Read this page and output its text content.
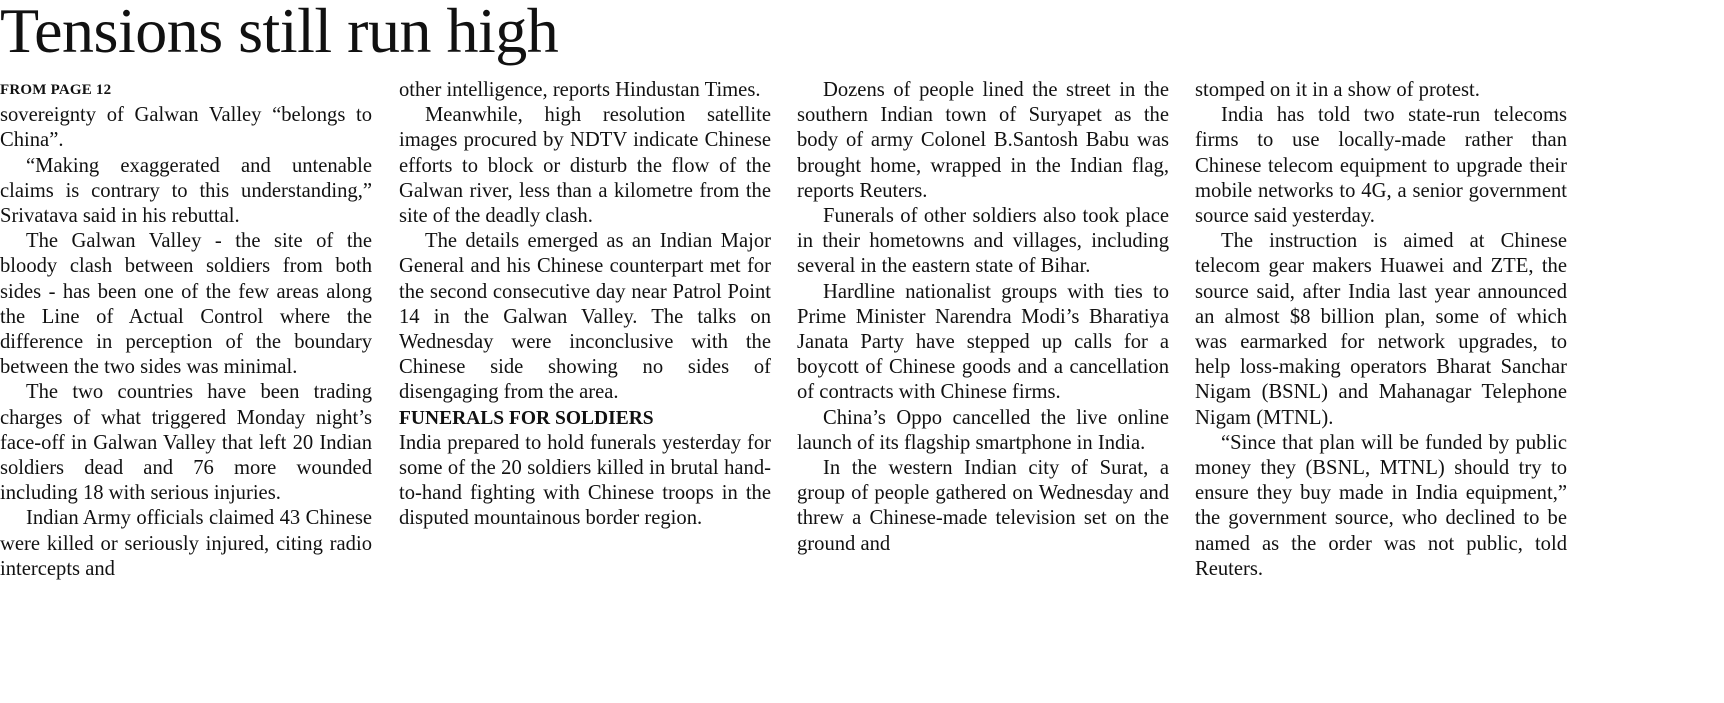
Tensions still run high

FROM PAGE 12

sovereignty of Galwan Valley “belongs to China”.

“Making exaggerated and untenable claims is contrary to this understanding,” Srivatava said in his rebuttal.

The Galwan Valley - the site of the bloody clash between soldiers from both sides - has been one of the few areas along the Line of Actual Control where the difference in perception of the boundary between the two sides was minimal.

The two countries have been trading charges of what triggered Monday night’s face-off in Galwan Valley that left 20 Indian soldiers dead and 76 more wounded including 18 with serious injuries.

Indian Army officials claimed 43 Chinese were killed or seriously injured, citing radio intercepts and

other intelligence, reports Hindustan Times.

Meanwhile, high resolution satellite images procured by NDTV indicate Chinese efforts to block or disturb the flow of the Galwan river, less than a kilometre from the site of the deadly clash.

The details emerged as an Indian Major General and his Chinese counterpart met for the second consecutive day near Patrol Point 14 in the Galwan Valley. The talks on Wednesday were inconclusive with the Chinese side showing no sides of disengaging from the area.

FUNERALS FOR SOLDIERS

India prepared to hold funerals yesterday for some of the 20 soldiers killed in brutal hand-to-hand fighting with Chinese troops in the disputed mountainous border region.

Dozens of people lined the street in the southern Indian town of Suryapet as the body of army Colonel B.Santosh Babu was brought home, wrapped in the Indian flag, reports Reuters.

Funerals of other soldiers also took place in their hometowns and villages, including several in the eastern state of Bihar.

Hardline nationalist groups with ties to Prime Minister Narendra Modi’s Bharatiya Janata Party have stepped up calls for a boycott of Chinese goods and a cancellation of contracts with Chinese firms.

China’s Oppo cancelled the live online launch of its flagship smartphone in India.

In the western Indian city of Surat, a group of people gathered on Wednesday and threw a Chinese-made television set on the ground and

stomped on it in a show of protest.

India has told two state-run telecoms firms to use locally-made rather than Chinese telecom equipment to upgrade their mobile networks to 4G, a senior government source said yesterday.

The instruction is aimed at Chinese telecom gear makers Huawei and ZTE, the source said, after India last year announced an almost $8 billion plan, some of which was earmarked for network upgrades, to help loss-making operators Bharat Sanchar Nigam (BSNL) and Mahanagar Telephone Nigam (MTNL).

“Since that plan will be funded by public money they (BSNL, MTNL) should try to ensure they buy made in India equipment,” the government source, who declined to be named as the order was not public, told Reuters.
